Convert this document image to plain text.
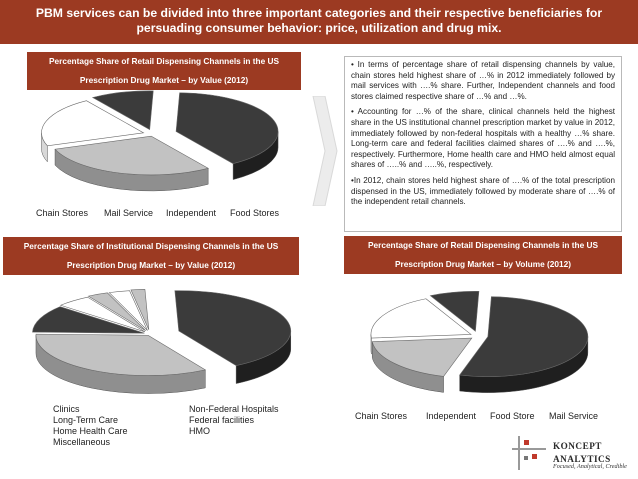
PBM services can be divided into three important categories and their respective beneficiaries for
persuading consumer behavior: price, utilization and drug mix.
Percentage Share of Retail Dispensing Channels in the US
Prescription Drug Market – by Value (2012)
Chain Stores Mail Service Independent Food Stores

• In terms of percentage share of retail dispensing channels by value, chain stores held highest share of …% in 2012 immediately followed by mail services with ….% share. Further, Independent channels and food stores claimed respective share of …% and …%.

• Accounting for …% of the share, clinical channels held the highest share in the US institutional channel prescription market by value in 2012, immediately followed by non-federal hospitals with a healthy …% share. Long-term care and federal facilities claimed shares of ….% and ….%, respectively. Furthermore, Home health care and HMO held almost equal shares of …..% and …..%, respectively.

•In 2012, chain stores held highest share of ….% of the total prescription dispensed in the US, immediately followed by moderate share of ….% of the independent retail channels.

Percentage Share of Institutional Dispensing Channels in the US
Prescription Drug Market – by Value (2012)
Clinics	Non-Federal Hospitals
Long-Term Care	Federal facilities
Home Health Care	HMO
Miscellaneous
Percentage Share of Retail Dispensing Channels in the US
Prescription Drug Market – by Volume (2012)
Chain Stores Independent Food Store Mail Service
KONCEPT
ANALYTICS
Focused, Analytical, Credible
